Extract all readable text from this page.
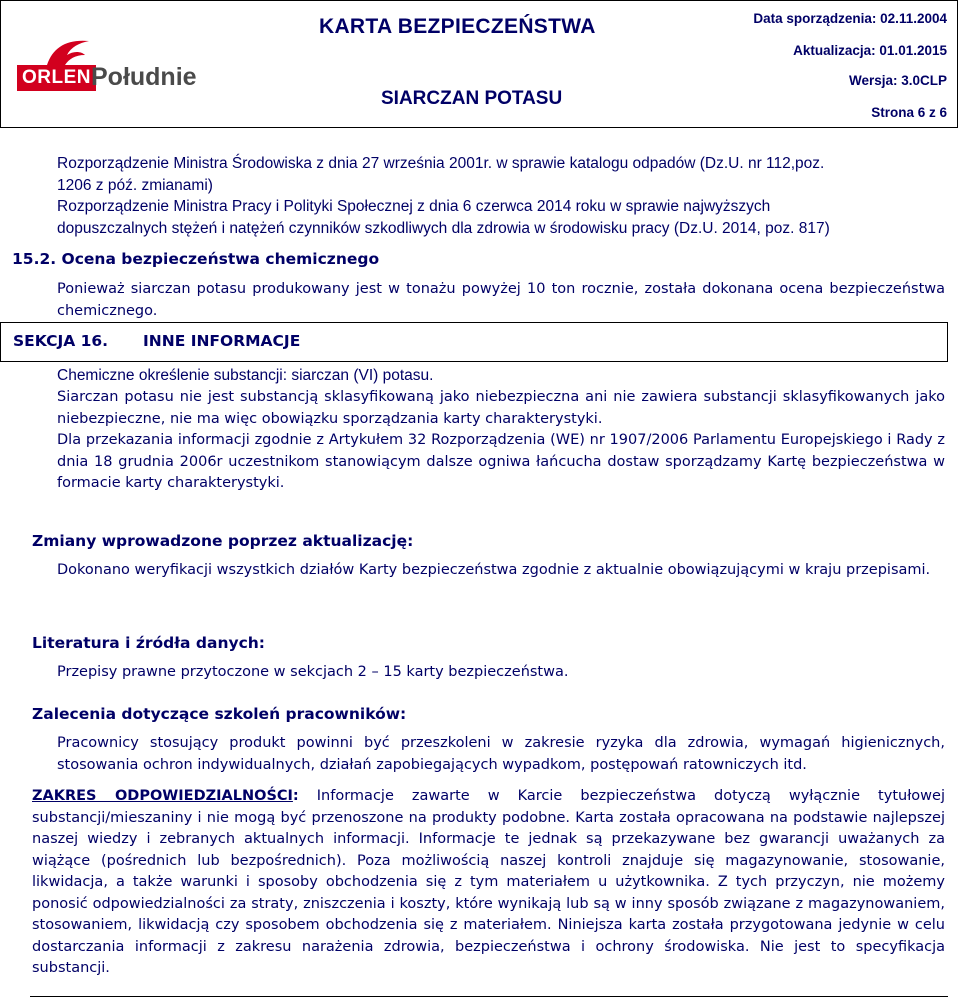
ORLEN Południe
KARTA BEZPIECZEŃSTWA
SIARCZAN POTASU
Data sporządzenia: 02.11.2004
Aktualizacja: 01.01.2015
Wersja: 3.0CLP
Strona 6 z 6
Rozporządzenie Ministra Środowiska z dnia 27 września 2001r. w sprawie katalogu odpadów (Dz.U. nr 112,poz.
1206 z póź. zmianami)
Rozporządzenie Ministra Pracy i Polityki Społecznej z dnia 6 czerwca 2014 roku w sprawie najwyższych
dopuszczalnych stężeń i natężeń czynników szkodliwych dla zdrowia w środowisku pracy (Dz.U. 2014, poz. 817)
15.2. Ocena bezpieczeństwa chemicznego
Ponieważ siarczan potasu produkowany jest w tonażu powyżej 10 ton rocznie, została dokonana ocena bezpieczeństwa chemicznego.
SEKCJA 16. INNE INFORMACJE
Chemiczne określenie substancji: siarczan (VI) potasu.
Siarczan potasu nie jest substancją sklasyfikowaną jako niebezpieczna ani nie zawiera substancji sklasyfikowanych jako niebezpieczne, nie ma więc obowiązku sporządzania karty charakterystyki.
Dla przekazania informacji zgodnie z Artykułem 32 Rozporządzenia (WE) nr 1907/2006 Parlamentu Europejskiego i Rady z dnia 18 grudnia 2006r uczestnikom stanowiącym dalsze ogniwa łańcucha dostaw sporządzamy Kartę bezpieczeństwa w formacie karty charakterystyki.
Zmiany wprowadzone poprzez aktualizację:
Dokonano weryfikacji wszystkich działów Karty bezpieczeństwa zgodnie z aktualnie obowiązującymi w kraju przepisami.
Literatura i źródła danych:
Przepisy prawne przytoczone w sekcjach 2 – 15 karty bezpieczeństwa.
Zalecenia dotyczące szkoleń pracowników:
Pracownicy stosujący produkt powinni być przeszkoleni w zakresie ryzyka dla zdrowia, wymagań higienicznych, stosowania ochron indywidualnych, działań zapobiegających wypadkom, postępowań ratowniczych itd.
ZAKRES ODPOWIEDZIALNOŚCI: Informacje zawarte w Karcie bezpieczeństwa dotyczą wyłącznie tytułowej substancji/mieszaniny i nie mogą być przenoszone na produkty podobne. Karta została opracowana na podstawie najlepszej naszej wiedzy i zebranych aktualnych informacji. Informacje te jednak są przekazywane bez gwarancji uważanych za wiążące (pośrednich lub bezpośrednich). Poza możliwością naszej kontroli znajduje się magazynowanie, stosowanie, likwidacja, a także warunki i sposoby obchodzenia się z tym materiałem u użytkownika. Z tych przyczyn, nie możemy ponosić odpowiedzialności za straty, zniszczenia i koszty, które wynikają lub są w inny sposób związane z magazynowaniem, stosowaniem, likwidacją czy sposobem obchodzenia się z materiałem. Niniejsza karta została przygotowana jedynie w celu dostarczania informacji z zakresu narażenia zdrowia, bezpieczeństwa i ochrony środowiska. Nie jest to specyfikacja substancji.
